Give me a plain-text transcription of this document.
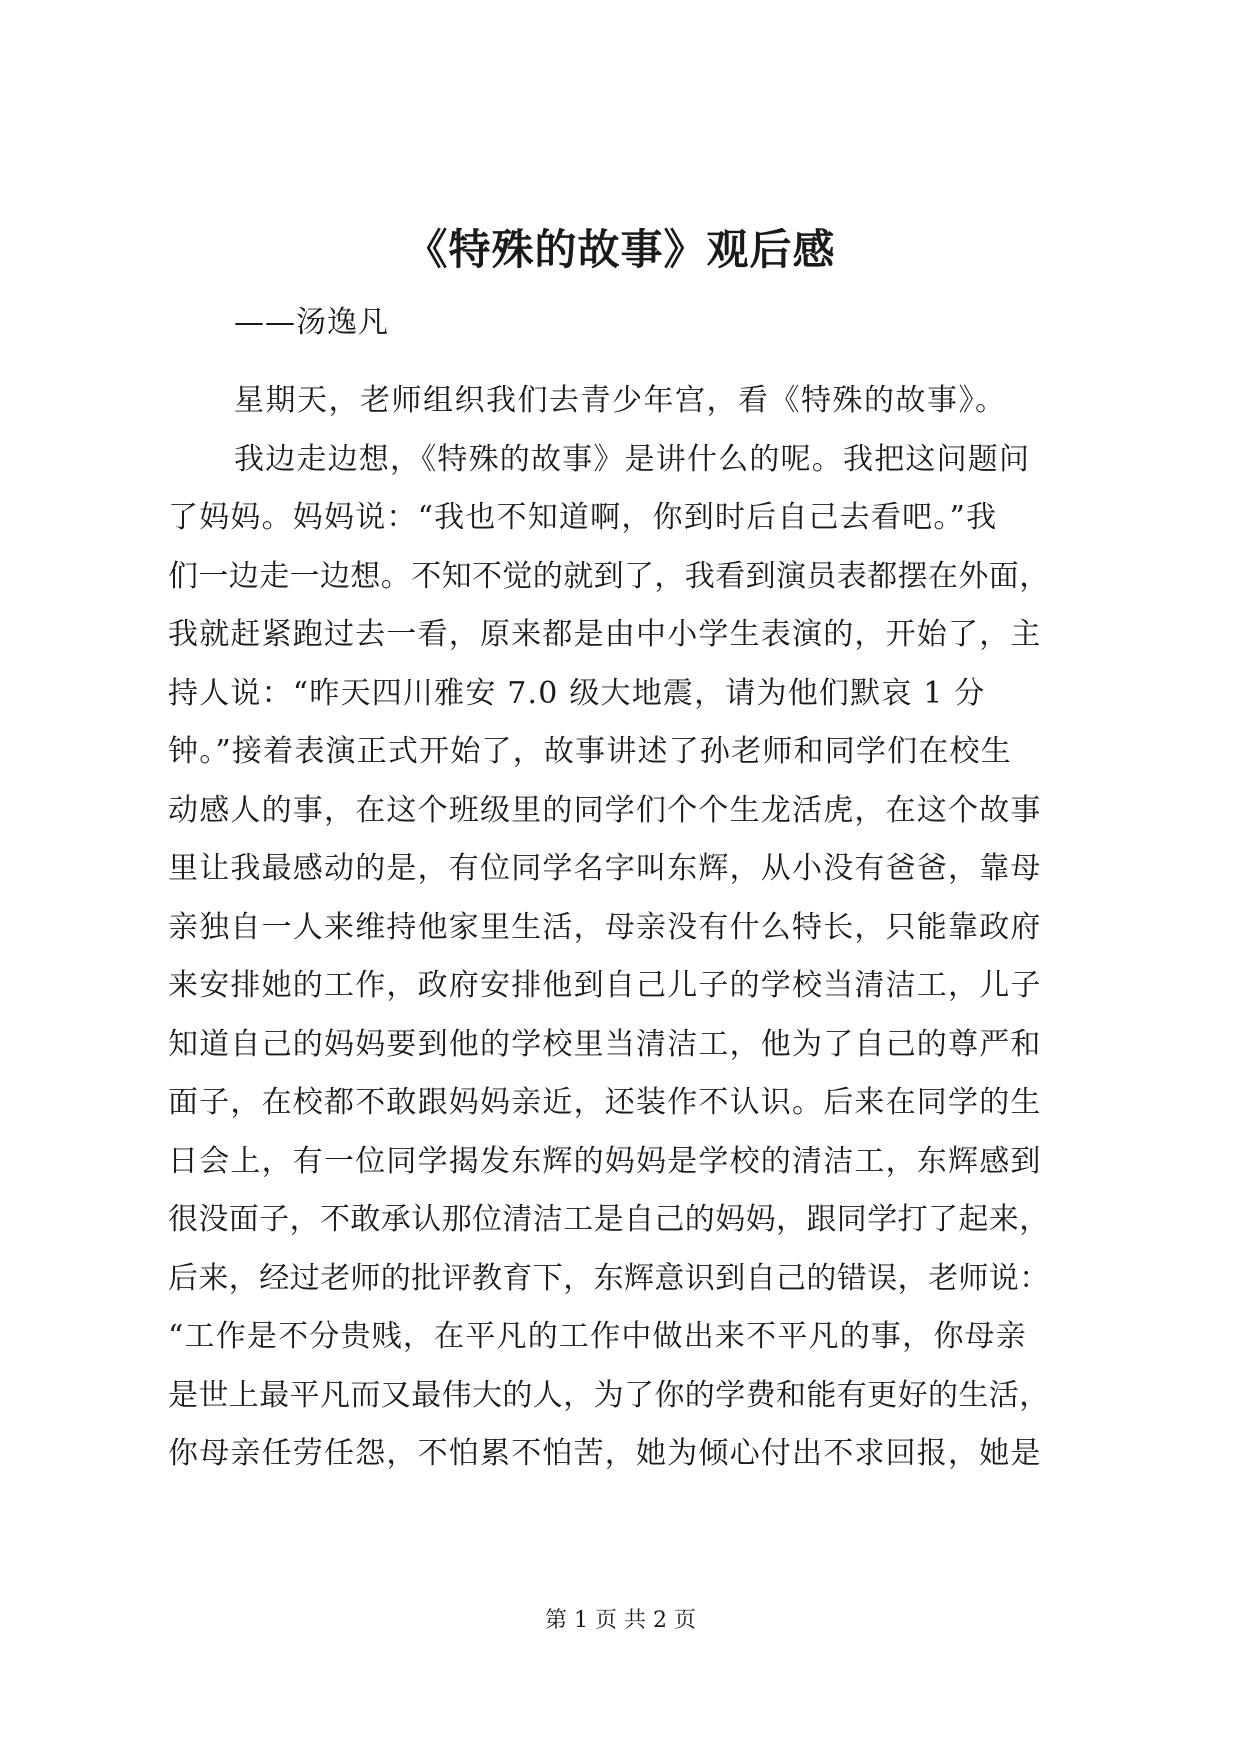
《特殊的故事》观后感
——汤逸凡
星期天，老师组织我们去青少年宫，看《特殊的故事》。
我边走边想，《特殊的故事》是讲什么的呢。我把这问题问
了妈妈。妈妈说：“我也不知道啊，你到时后自己去看吧。”我
们一边走一边想。不知不觉的就到了，我看到演员表都摆在外面，
我就赶紧跑过去一看，原来都是由中小学生表演的，开始了，主
持人说：“昨天四川雅安 7.0 级大地震，请为他们默哀 1 分
钟。”接着表演正式开始了，故事讲述了孙老师和同学们在校生
动感人的事，在这个班级里的同学们个个生龙活虎，在这个故事
里让我最感动的是，有位同学名字叫东辉，从小没有爸爸，靠母
亲独自一人来维持他家里生活，母亲没有什么特长，只能靠政府
来安排她的工作，政府安排他到自己儿子的学校当清洁工，儿子
知道自己的妈妈要到他的学校里当清洁工，他为了自己的尊严和
面子，在校都不敢跟妈妈亲近，还装作不认识。后来在同学的生
日会上，有一位同学揭发东辉的妈妈是学校的清洁工，东辉感到
很没面子，不敢承认那位清洁工是自己的妈妈，跟同学打了起来，
后来，经过老师的批评教育下，东辉意识到自己的错误，老师说：
“工作是不分贵贱，在平凡的工作中做出来不平凡的事，你母亲
是世上最平凡而又最伟大的人，为了你的学费和能有更好的生活，
你母亲任劳任怨，不怕累不怕苦，她为倾心付出不求回报，她是
第 1 页 共 2 页
